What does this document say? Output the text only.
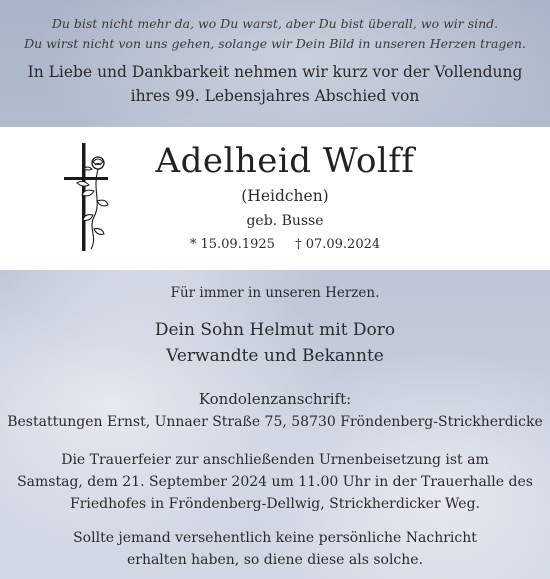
Du bist nicht mehr da, wo Du warst, aber Du bist überall, wo wir sind.
Du wirst nicht von uns gehen, solange wir Dein Bild in unseren Herzen tragen.
In Liebe und Dankbarkeit nehmen wir kurz vor der Vollendung
ihres 99. Lebensjahres Abschied von
Adelheid Wolff
(Heidchen)
geb. Busse
* 15.09.1925 † 07.09.2024
Für immer in unseren Herzen.
Dein Sohn Helmut mit Doro
Verwandte und Bekannte
Kondolenzanschrift:
Bestattungen Ernst, Unnaer Straße 75, 58730 Fröndenberg-Strickherdicke
Die Trauerfeier zur anschließenden Urnenbeisetzung ist am
Samstag, dem 21. September 2024 um 11.00 Uhr in der Trauerhalle des
Friedhofes in Fröndenberg-Dellwig, Strickherdicker Weg.
Sollte jemand versehentlich keine persönliche Nachricht
erhalten haben, so diene diese als solche.
